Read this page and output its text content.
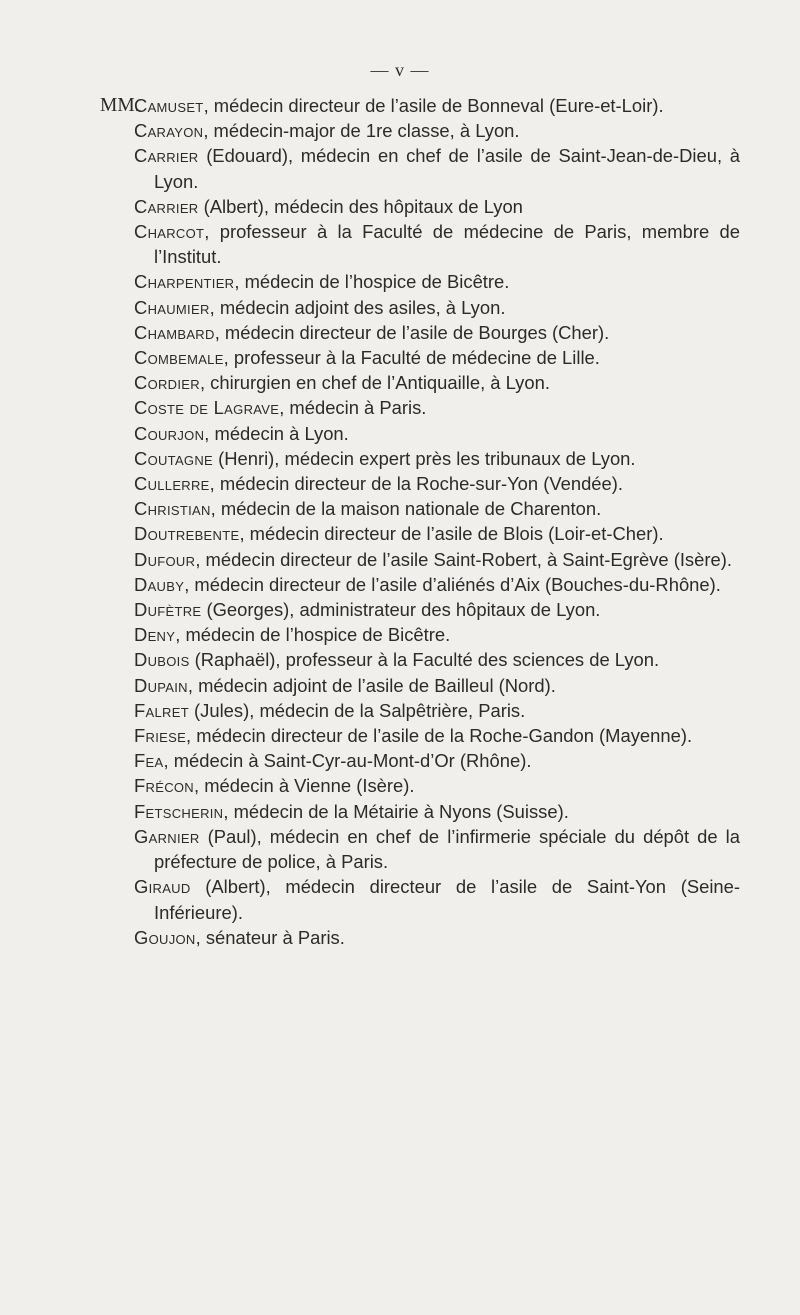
— v —
MM.
Camuset, médecin directeur de l’asile de Bonneval (Eure-et-Loir).
Carayon, médecin-major de 1re classe, à Lyon.
Carrier (Edouard), médecin en chef de l’asile de Saint-Jean-de-Dieu, à Lyon.
Carrier (Albert), médecin des hôpitaux de Lyon
Charcot, professeur à la Faculté de médecine de Paris, membre de l’Institut.
Charpentier, médecin de l’hospice de Bicêtre.
Chaumier, médecin adjoint des asiles, à Lyon.
Chambard, médecin directeur de l’asile de Bourges (Cher).
Combemale, professeur à la Faculté de médecine de Lille.
Cordier, chirurgien en chef de l’Antiquaille, à Lyon.
Coste de Lagrave, médecin à Paris.
Courjon, médecin à Lyon.
Coutagne (Henri), médecin expert près les tribunaux de Lyon.
Cullerre, médecin directeur de la Roche-sur-Yon (Vendée).
Christian, médecin de la maison nationale de Charenton.
Doutrebente, médecin directeur de l’asile de Blois (Loir-et-Cher).
Dufour, médecin directeur de l’asile Saint-Robert, à Saint-Egrève (Isère).
Dauby, médecin directeur de l’asile d’aliénés d’Aix (Bouches-du-Rhône).
Dufètre (Georges), administrateur des hôpitaux de Lyon.
Deny, médecin de l’hospice de Bicêtre.
Dubois (Raphaël), professeur à la Faculté des sciences de Lyon.
Dupain, médecin adjoint de l’asile de Bailleul (Nord).
Falret (Jules), médecin de la Salpêtrière, Paris.
Friese, médecin directeur de l’asile de la Roche-Gandon (Mayenne).
Fea, médecin à Saint-Cyr-au-Mont-d’Or (Rhône).
Frécon, médecin à Vienne (Isère).
Fetscherin, médecin de la Métairie à Nyons (Suisse).
Garnier (Paul), médecin en chef de l’infirmerie spéciale du dépôt de la préfecture de police, à Paris.
Giraud (Albert), médecin directeur de l’asile de Saint-Yon (Seine-Inférieure).
Goujon, sénateur à Paris.
